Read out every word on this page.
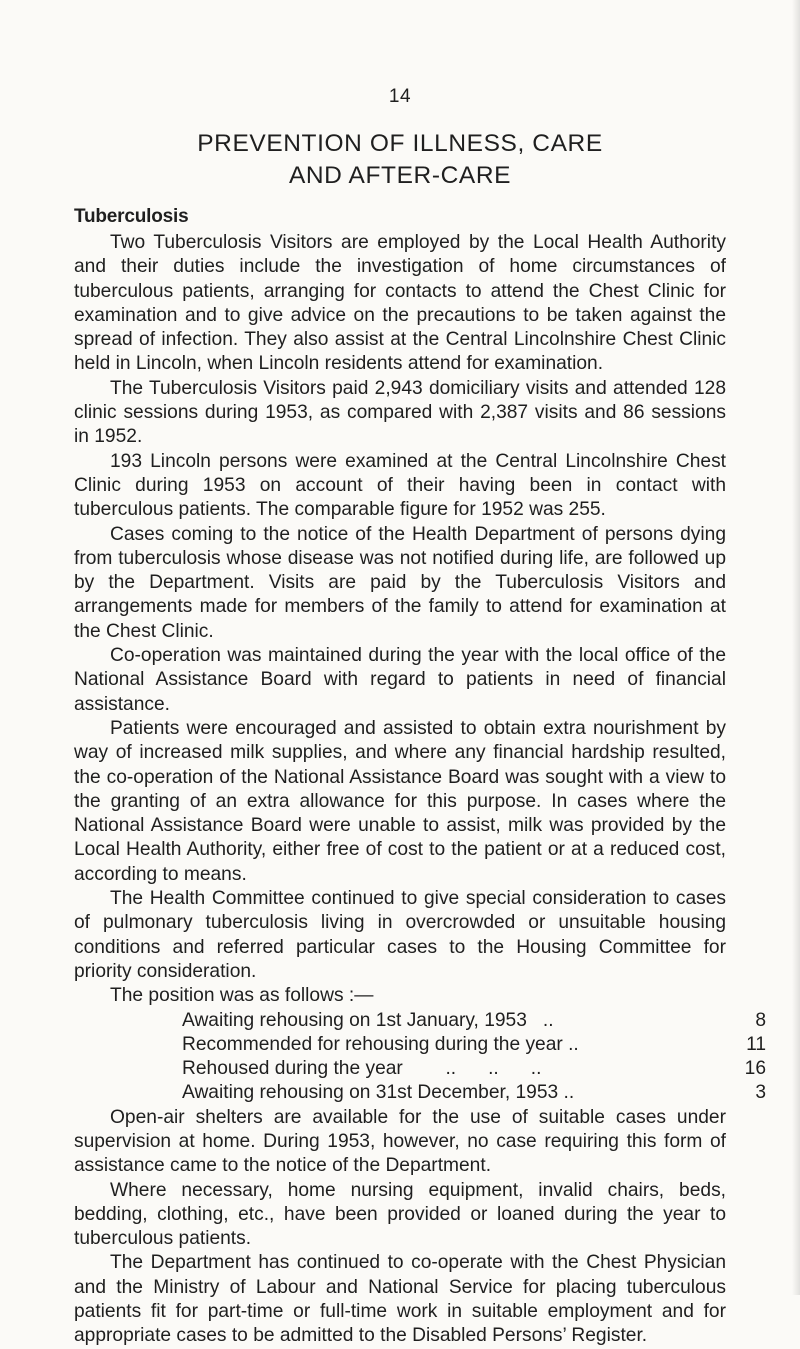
14
PREVENTION OF ILLNESS, CARE
AND AFTER-CARE
Tuberculosis

Two Tuberculosis Visitors are employed by the Local Health Authority and their duties include the investigation of home circumstances of tuberculous patients, arranging for contacts to attend the Chest Clinic for examination and to give advice on the precautions to be taken against the spread of infection. They also assist at the Central Lincolnshire Chest Clinic held in Lincoln, when Lincoln residents attend for examination.

The Tuberculosis Visitors paid 2,943 domiciliary visits and attended 128 clinic sessions during 1953, as compared with 2,387 visits and 86 sessions in 1952.

193 Lincoln persons were examined at the Central Lincolnshire Chest Clinic during 1953 on account of their having been in contact with tuberculous patients. The comparable figure for 1952 was 255.

Cases coming to the notice of the Health Department of persons dying from tuberculosis whose disease was not notified during life, are followed up by the Department. Visits are paid by the Tuberculosis Visitors and arrangements made for members of the family to attend for examination at the Chest Clinic.

Co-operation was maintained during the year with the local office of the National Assistance Board with regard to patients in need of financial assistance.

Patients were encouraged and assisted to obtain extra nourishment by way of increased milk supplies, and where any financial hardship resulted, the co-operation of the National Assistance Board was sought with a view to the granting of an extra allowance for this purpose. In cases where the National Assistance Board were unable to assist, milk was provided by the Local Health Authority, either free of cost to the patient or at a reduced cost, according to means.

The Health Committee continued to give special consideration to cases of pulmonary tuberculosis living in overcrowded or unsuitable housing conditions and referred particular cases to the Housing Committee for priority consideration.

The position was as follows :—

Awaiting rehousing on 1st January, 1953   ..	8
Recommended for rehousing during the year ..	11
Rehoused during the year        ..      ..      ..	16
Awaiting rehousing on 31st December, 1953 ..	3

Open-air shelters are available for the use of suitable cases under supervision at home. During 1953, however, no case requiring this form of assistance came to the notice of the Department.

Where necessary, home nursing equipment, invalid chairs, beds, bedding, clothing, etc., have been provided or loaned during the year to tuberculous patients.

The Department has continued to co-operate with the Chest Physician and the Ministry of Labour and National Service for placing tuberculous patients fit for part-time or full-time work in suitable employment and for appropriate cases to be admitted to the Disabled Persons’ Register.
